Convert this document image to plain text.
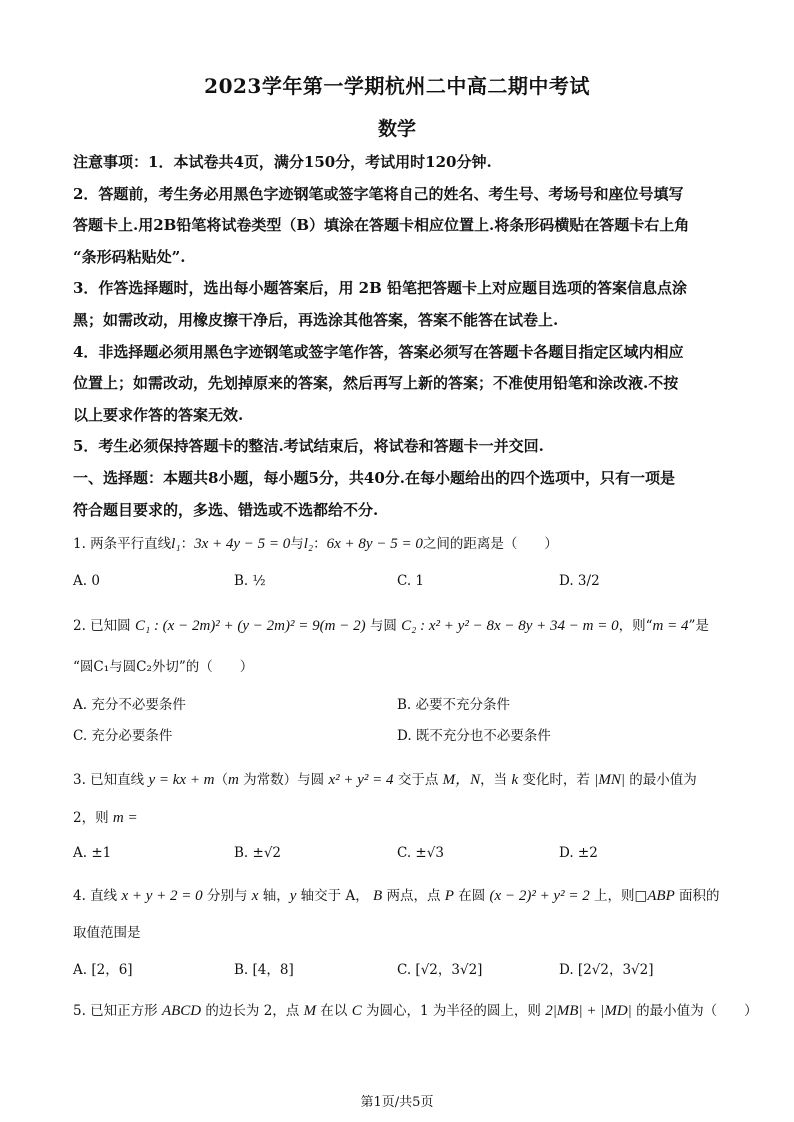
2023学年第一学期杭州二中高二期中考试
数学
注意事项：1．本试卷共4页，满分150分，考试用时120分钟.
2．答题前，考生务必用黑色字迹钢笔或签字笔将自己的姓名、考生号、考场号和座位号填写
答题卡上.用2B铅笔将试卷类型（B）填涂在答题卡相应位置上.将条形码横贴在答题卡右上角
“条形码粘贴处”.
3．作答选择题时，选出每小题答案后，用 2B 铅笔把答题卡上对应题目选项的答案信息点涂
黑；如需改动，用橡皮擦干净后，再选涂其他答案，答案不能答在试卷上.
4．非选择题必须用黑色字迹钢笔或签字笔作答，答案必须写在答题卡各题目指定区域内相应
位置上；如需改动，先划掉原来的答案，然后再写上新的答案；不准使用铅笔和涂改液.不按
以上要求作答的答案无效.
5．考生必须保持答题卡的整洁.考试结束后，将试卷和答题卡一并交回.
一、选择题：本题共8小题，每小题5分，共40分.在每小题给出的四个选项中，只有一项是
符合题目要求的，多选、错选或不选都给不分.
1. 两条平行直线l₁：3x + 4y − 5 = 0与l₂：6x + 8y − 5 = 0之间的距离是（　　）
A. 0	B. ½	C. 1	D. 3/2
2. 已知圆 C₁ : (x − 2m)² + (y − 2m)² = 9(m − 2) 与圆 C₂ : x² + y² − 8x − 8y + 34 − m = 0，则“m = 4”是
“圆C₁与圆C₂外切”的（　　）
A. 充分不必要条件	B. 必要不充分条件
C. 充分必要条件	D. 既不充分也不必要条件
3. 已知直线 y = kx + m（m 为常数）与圆 x² + y² = 4 交于点 M，N，当 k 变化时，若 |MN| 的最小值为
2，则 m =
A. ±1	B. ±√2	C. ±√3	D. ±2
4. 直线 x + y + 2 = 0 分别与 x 轴，y 轴交于 A， B 两点，点 P 在圆 (x − 2)² + y² = 2 上，则□ABP 面积的
取值范围是
A. [2，6]	B. [4，8]	C. [√2，3√2]	D. [2√2，3√2]
5. 已知正方形 ABCD 的边长为 2，点 M 在以 C 为圆心，1 为半径的圆上，则 2|MB| + |MD| 的最小值为（　　）
第1页/共5页
